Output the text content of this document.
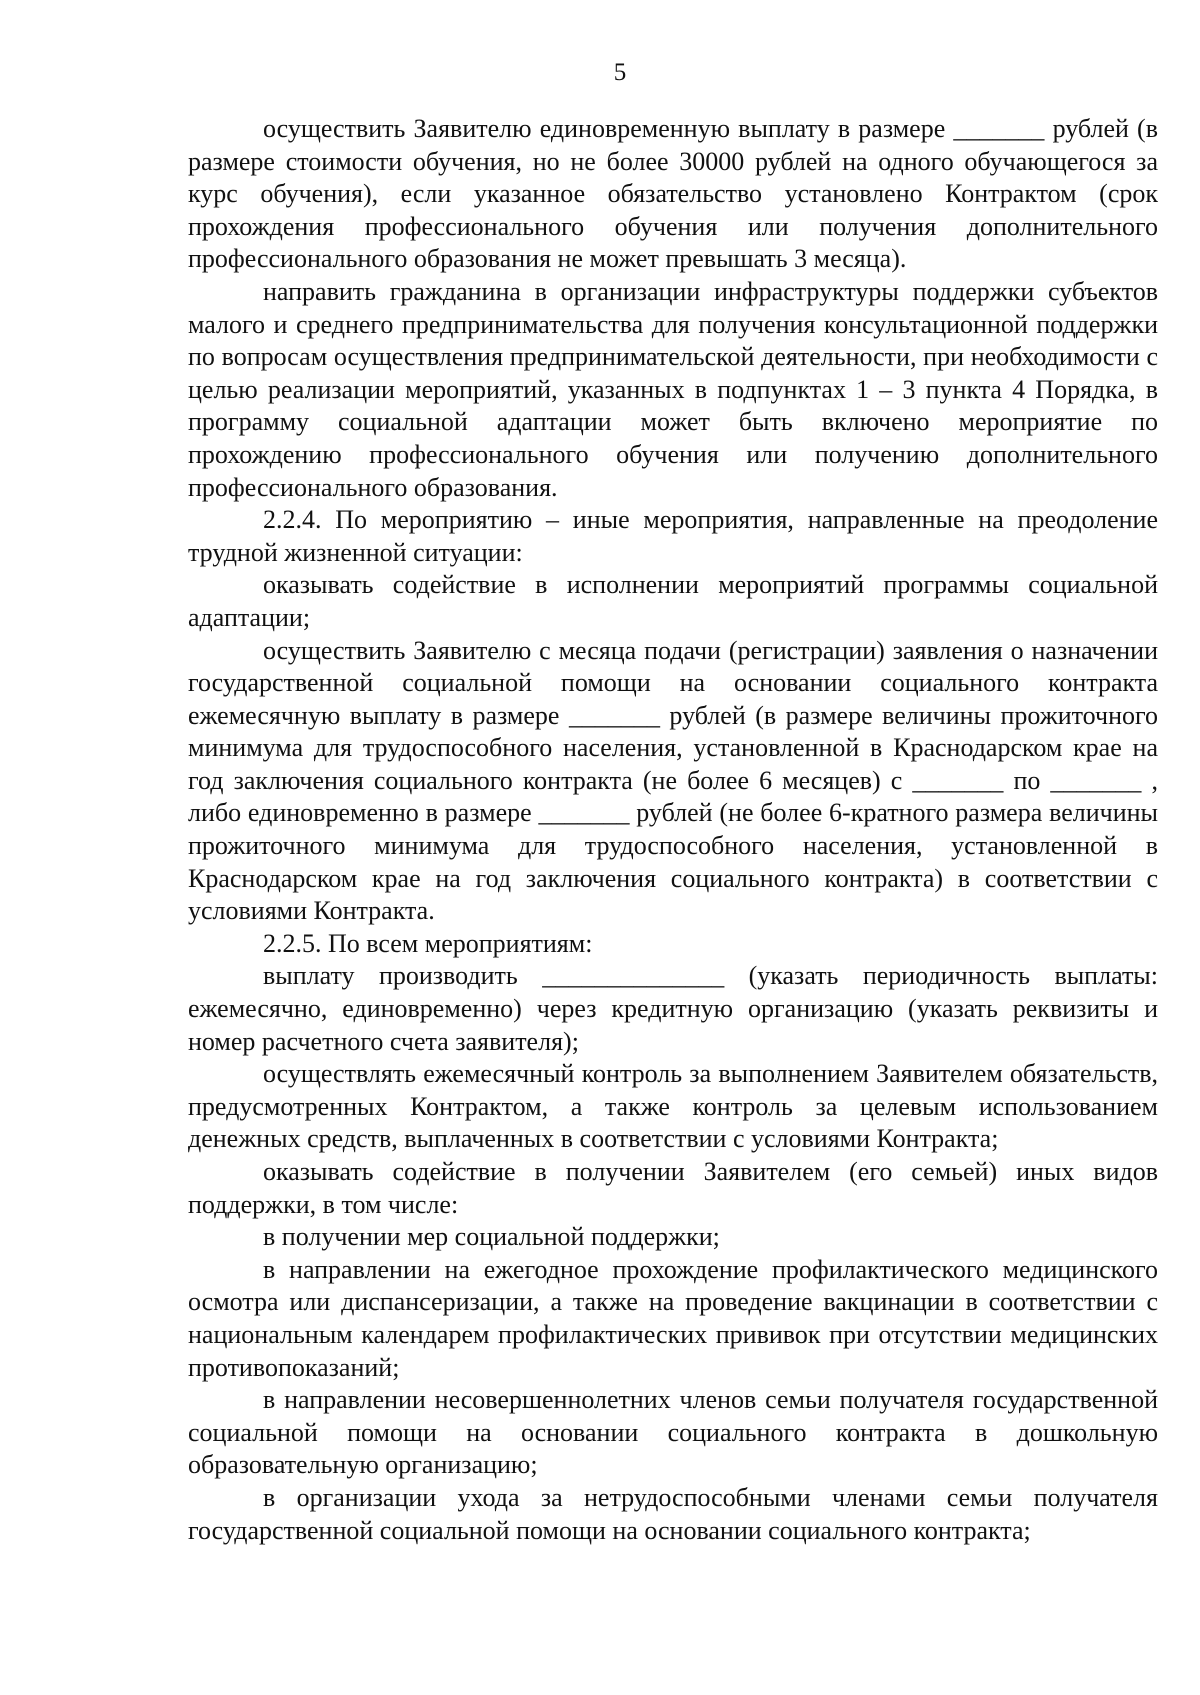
5

осуществить Заявителю единовременную выплату в размере _______ рублей (в размере стоимости обучения, но не более 30000 рублей на одного обучающегося за курс обучения), если указанное обязательство установлено Контрактом (срок прохождения профессионального обучения или получения дополнительного профессионального образования не может превышать 3 месяца).

направить гражданина в организации инфраструктуры поддержки субъектов малого и среднего предпринимательства для получения консультационной поддержки по вопросам осуществления предпринимательской деятельности, при необходимости с целью реализации мероприятий, указанных в подпунктах 1 – 3 пункта 4 Порядка, в программу социальной адаптации может быть включено мероприятие по прохождению профессионального обучения или получению дополнительного профессионального образования.

2.2.4. По мероприятию – иные мероприятия, направленные на преодоление трудной жизненной ситуации:

оказывать содействие в исполнении мероприятий программы социальной адаптации;

осуществить Заявителю с месяца подачи (регистрации) заявления о назначении государственной социальной помощи на основании социального контракта ежемесячную выплату в размере _______ рублей (в размере величины прожиточного минимума для трудоспособного населения, установленной в Краснодарском крае на год заключения социального контракта (не более 6 месяцев) с _______ по _______ , либо единовременно в размере _______ рублей (не более 6-кратного размера величины прожиточного минимума для трудоспособного населения, установленной в Краснодарском крае на год заключения социального контракта) в соответствии с условиями Контракта.

2.2.5. По всем мероприятиям:

выплату производить ______________ (указать периодичность выплаты: ежемесячно, единовременно) через кредитную организацию (указать реквизиты и номер расчетного счета заявителя);

осуществлять ежемесячный контроль за выполнением Заявителем обязательств, предусмотренных Контрактом, а также контроль за целевым использованием денежных средств, выплаченных в соответствии с условиями Контракта;

оказывать содействие в получении Заявителем (его семьей) иных видов поддержки, в том числе:

в получении мер социальной поддержки;

в направлении на ежегодное прохождение профилактического медицинского осмотра или диспансеризации, а также на проведение вакцинации в соответствии с национальным календарем профилактических прививок при отсутствии медицинских противопоказаний;

в направлении несовершеннолетних членов семьи получателя государственной социальной помощи на основании социального контракта в дошкольную образовательную организацию;

в организации ухода за нетрудоспособными членами семьи получателя государственной социальной помощи на основании социального контракта;
